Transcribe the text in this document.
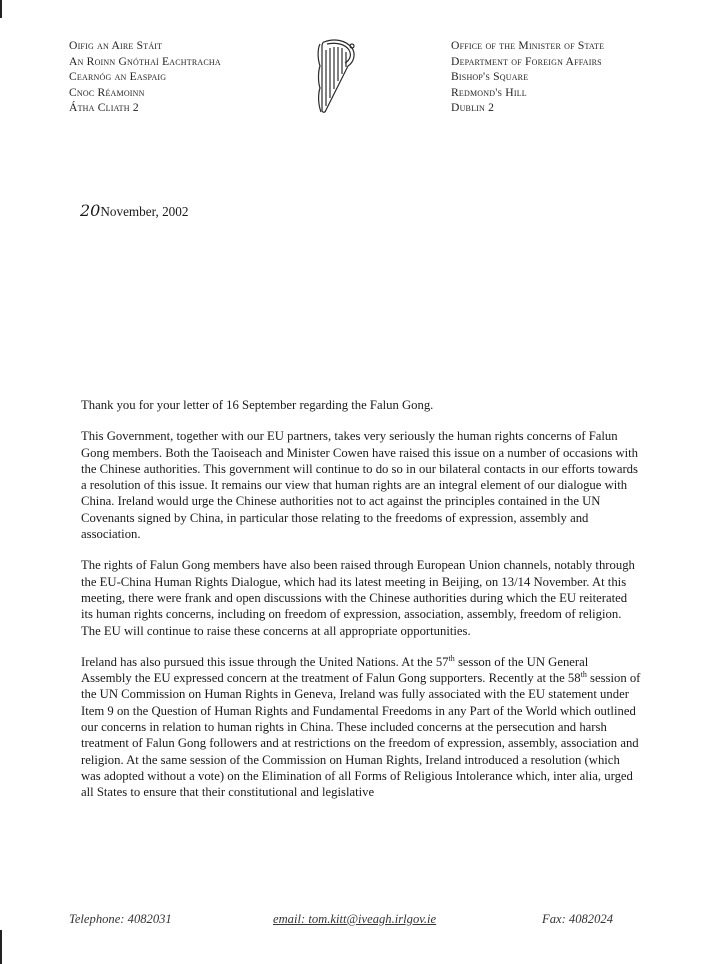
Oifig an Aire Stáit
An Roinn Gnóthaí Eachtracha
Cearnóg an Easpaig
Cnoc Réamoinn
Átha Cliath 2
Office of the Minister of State
Department of Foreign Affairs
Bishop's Square
Redmond's Hill
Dublin 2
20November, 2002

Thank you for your letter of 16 September regarding the Falun Gong.

This Government, together with our EU partners, takes very seriously the human rights concerns of Falun Gong members. Both the Taoiseach and Minister Cowen have raised this issue on a number of occasions with the Chinese authorities. This government will continue to do so in our bilateral contacts in our efforts towards a resolution of this issue. It remains our view that human rights are an integral element of our dialogue with China. Ireland would urge the Chinese authorities not to act against the principles contained in the UN Covenants signed by China, in particular those relating to the freedoms of expression, assembly and association.

The rights of Falun Gong members have also been raised through European Union channels, notably through the EU-China Human Rights Dialogue, which had its latest meeting in Beijing, on 13/14 November. At this meeting, there were frank and open discussions with the Chinese authorities during which the EU reiterated its human rights concerns, including on freedom of expression, association, assembly, freedom of religion. The EU will continue to raise these concerns at all appropriate opportunities.

Ireland has also pursued this issue through the United Nations. At the 57th sesson of the UN General Assembly the EU expressed concern at the treatment of Falun Gong supporters. Recently at the 58th session of the UN Commission on Human Rights in Geneva, Ireland was fully associated with the EU statement under Item 9 on the Question of Human Rights and Fundamental Freedoms in any Part of the World which outlined our concerns in relation to human rights in China. These included concerns at the persecution and harsh treatment of Falun Gong followers and at restrictions on the freedom of expression, assembly, association and religion. At the same session of the Commission on Human Rights, Ireland introduced a resolution (which was adopted without a vote) on the Elimination of all Forms of Religious Intolerance which, inter alia, urged all States to ensure that their constitutional and legislative

Telephone: 4082031	email: tom.kitt@iveagh.irlgov.ie	Fax: 4082024
